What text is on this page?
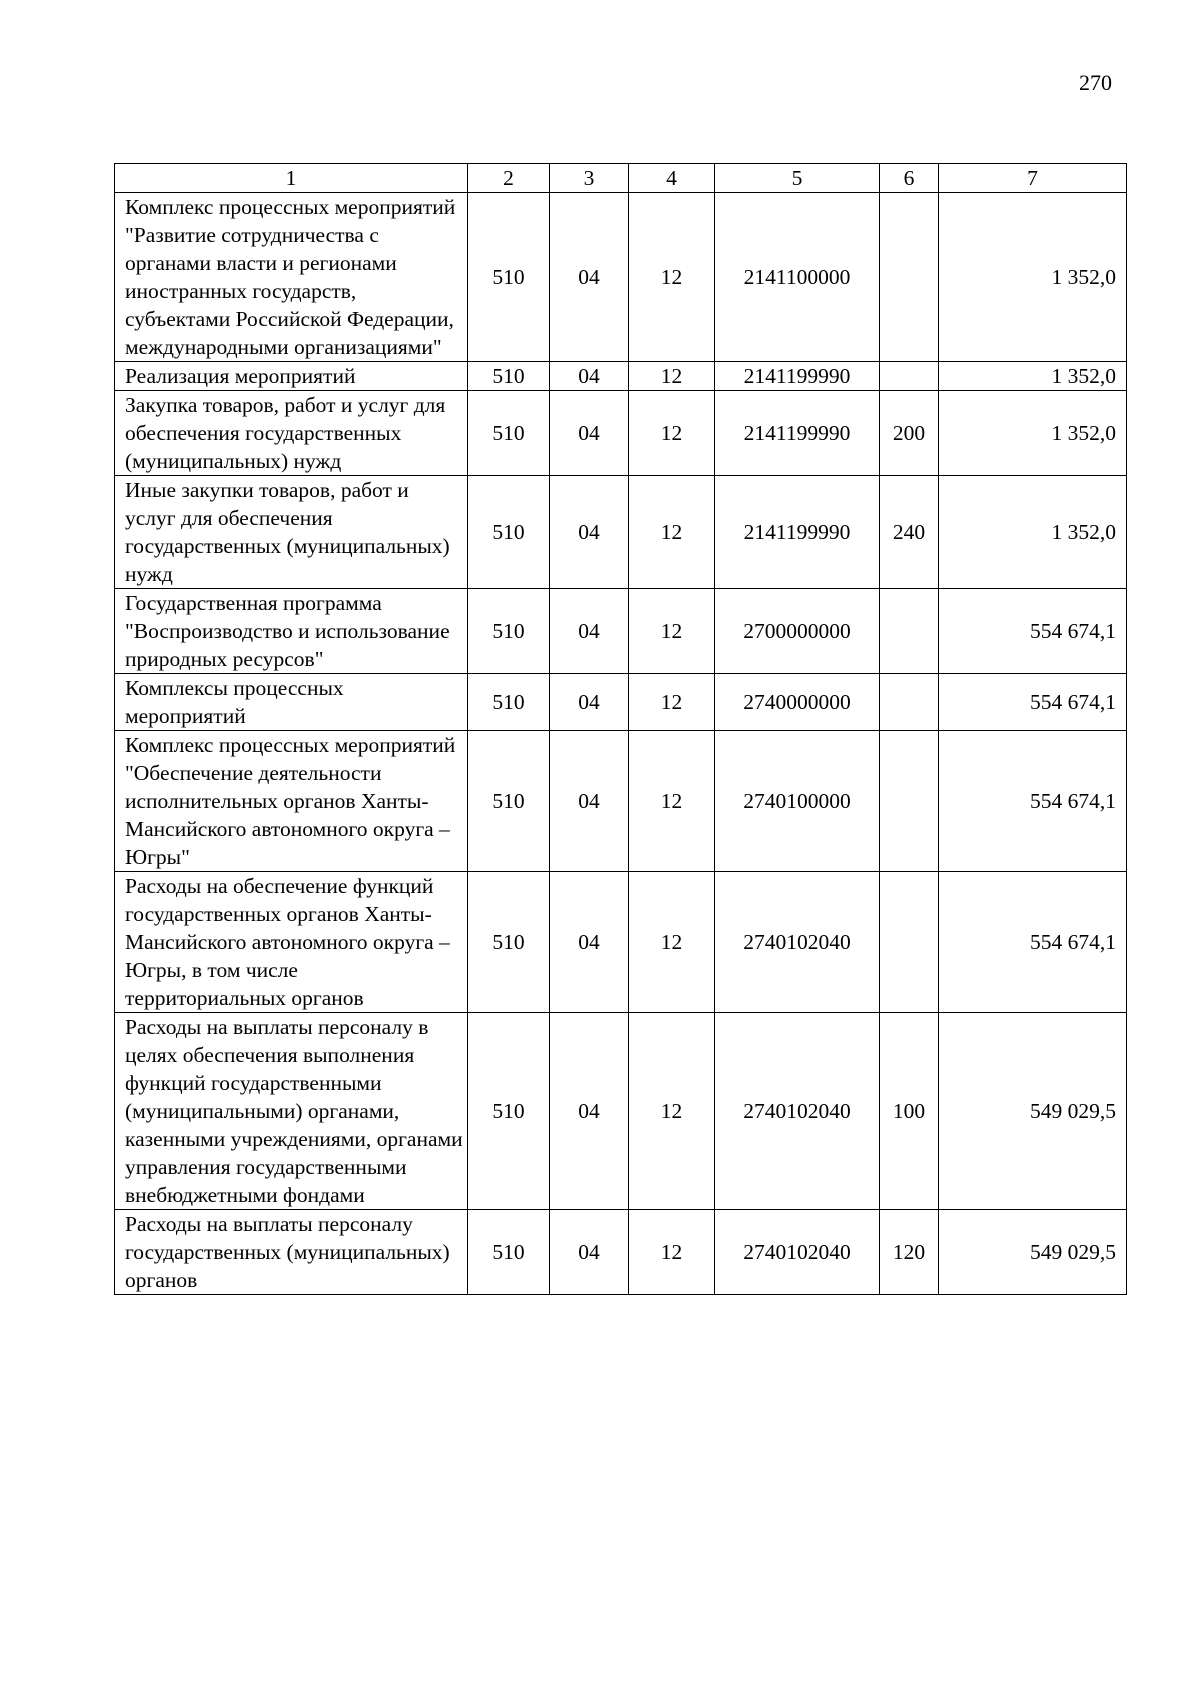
270
1	2	3	4	5	6	7
Комплекс процессных мероприятий "Развитие сотрудничества с органами власти и регионами иностранных государств, субъектами Российской Федерации, международными организациями"	510	04	12	2141100000		1 352,0
Реализация мероприятий	510	04	12	2141199990		1 352,0
Закупка товаров, работ и услуг для обеспечения государственных (муниципальных) нужд	510	04	12	2141199990	200	1 352,0
Иные закупки товаров, работ и услуг для обеспечения государственных (муниципальных) нужд	510	04	12	2141199990	240	1 352,0
Государственная программа "Воспроизводство и использование природных ресурсов"	510	04	12	2700000000		554 674,1
Комплексы процессных мероприятий	510	04	12	2740000000		554 674,1
Комплекс процессных мероприятий "Обеспечение деятельности исполнительных органов Ханты-Мансийского автономного округа – Югры"	510	04	12	2740100000		554 674,1
Расходы на обеспечение функций государственных органов Ханты-Мансийского автономного округа – Югры, в том числе территориальных органов	510	04	12	2740102040		554 674,1
Расходы на выплаты персоналу в целях обеспечения выполнения функций государственными (муниципальными) органами, казенными учреждениями, органами управления государственными внебюджетными фондами	510	04	12	2740102040	100	549 029,5
Расходы на выплаты персоналу государственных (муниципальных) органов	510	04	12	2740102040	120	549 029,5
